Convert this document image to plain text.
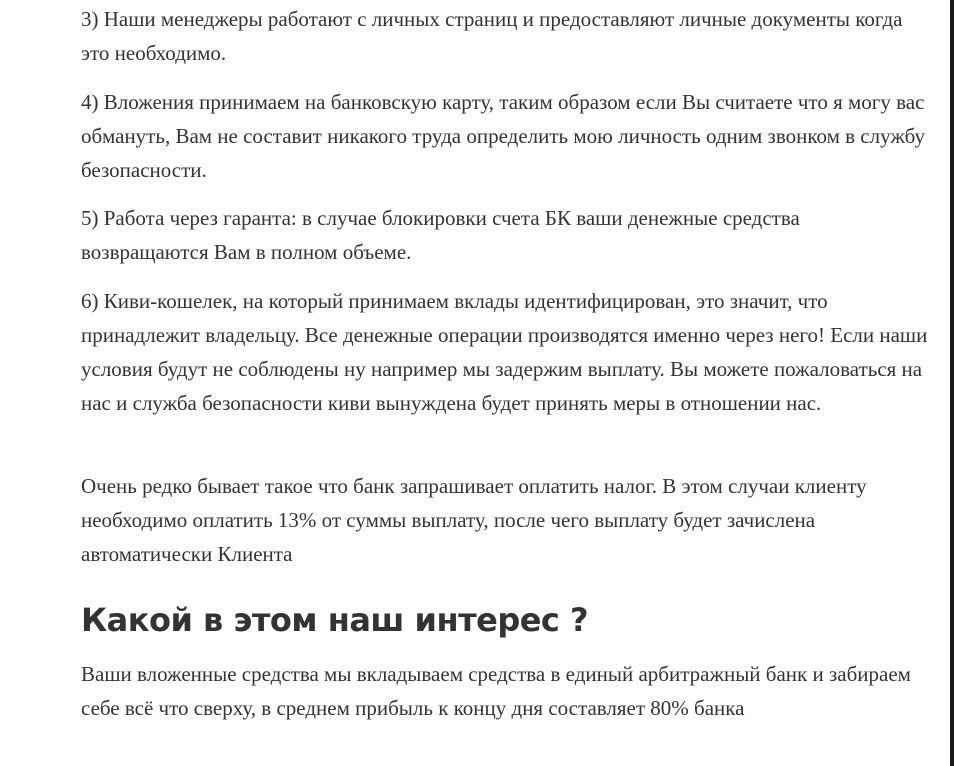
3) Наши менеджеры работают с личных страниц и предоставляют личные документы когда это необходимо.

4) Вложения принимаем на банковскую карту, таким образом если Вы считаете что я могу вас обмануть, Вам не составит никакого труда определить мою личность одним звонком в службу безопасности.

5) Работа через гаранта: в случае блокировки счета БК ваши денежные средства возвращаются Вам в полном объеме.

6) Киви-кошелек, на который принимаем вклады идентифицирован, это значит, что принадлежит владельцу. Все денежные операции производятся именно через него! Если наши условия будут не соблюдены ну например мы задержим выплату. Вы можете пожаловаться на нас и служба безопасности киви вынуждена будет принять меры в отношении нас.

Очень редко бывает такое что банк запрашивает оплатить налог. В этом случаи клиенту необходимо оплатить 13% от суммы выплату, после чего выплату будет зачислена автоматически Клиента

Какой в этом наш интерес ?

Ваши вложенные средства мы вкладываем средства в единый арбитражный банк и забираем себе всё что сверху, в среднем прибыль к концу дня составляет 80% банка
